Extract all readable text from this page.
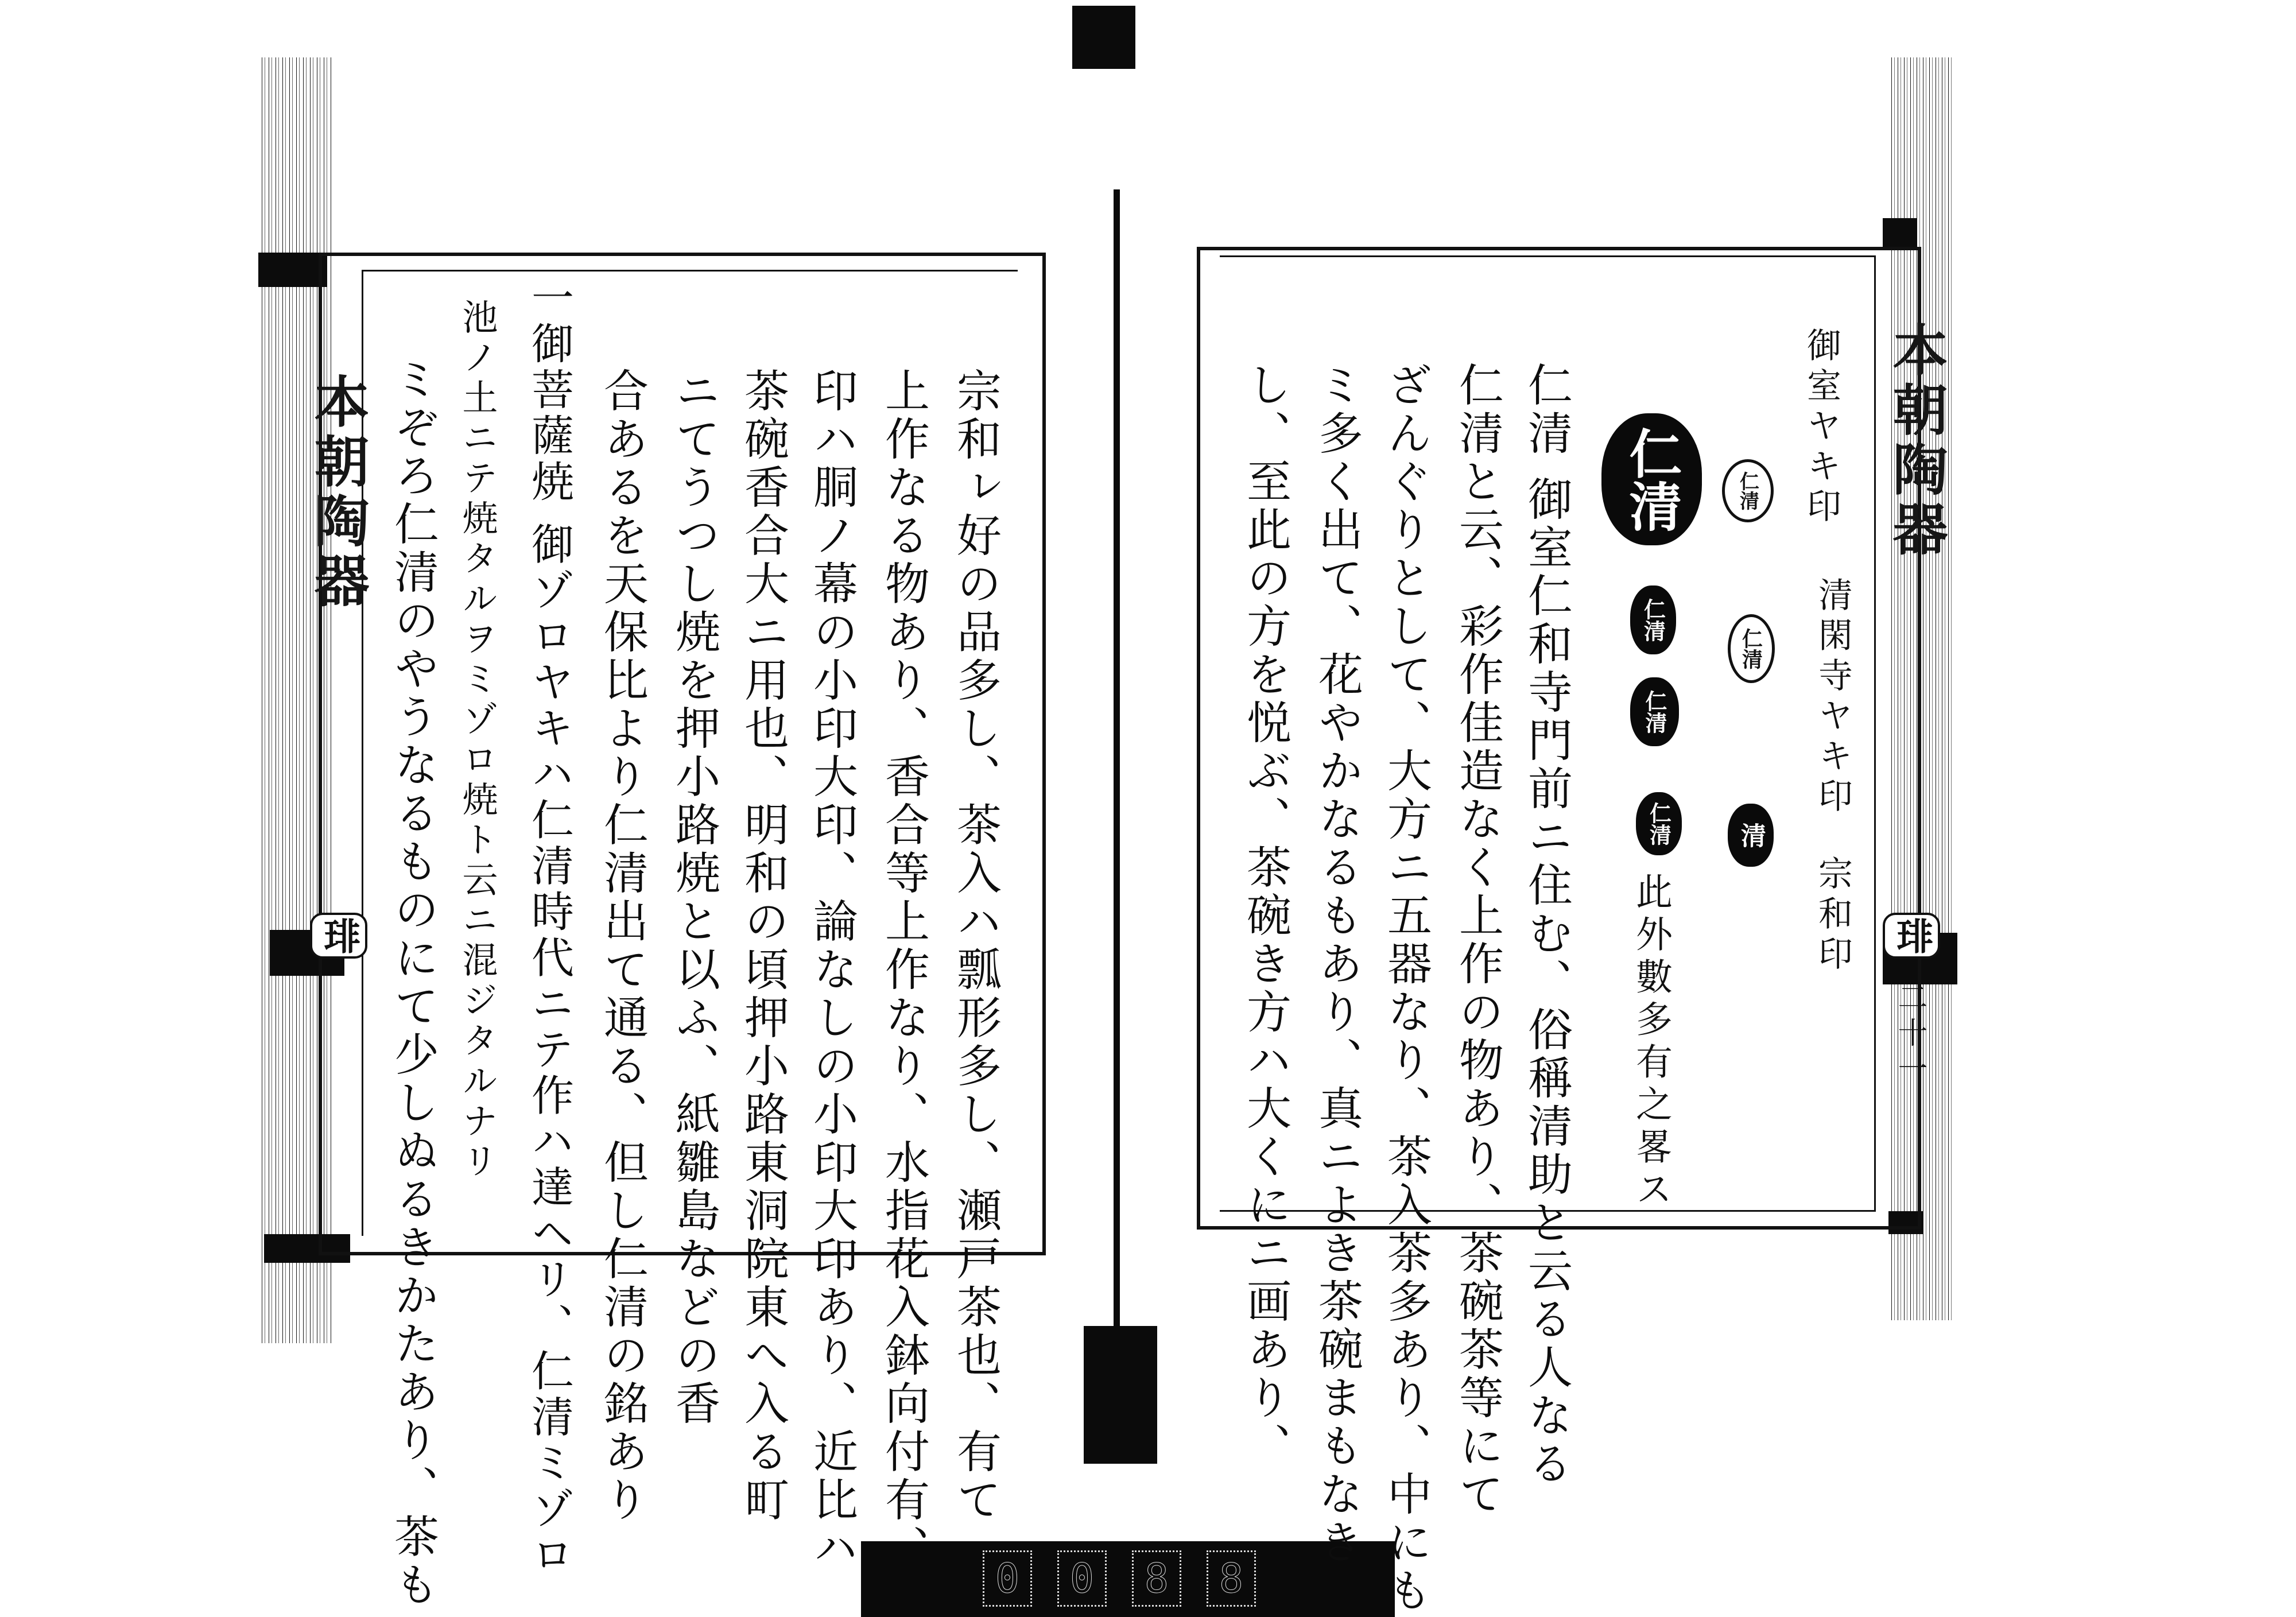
0	0	8	8
本朝陶器
琲	宗和ㇾ好の品多し、茶入ハ瓢形多し、瀬戸茶也、有て
上作なる物あり、香合等上作なり、水指花入鉢向付有、
印ハ胴ノ幕の小印大印、論なしの小印大印あり、近比ハ
茶碗香合大ニ用也、明和の頃押小路東洞院東へ入る町
ニてうつし焼を押小路焼と以ふ、紙雛島などの香
合あるを天保比より仁清出て通る、但し仁清の銘あり
一御菩薩焼 御ゾロヤキハ仁清時代ニテ作ハ達ヘリ、仁清ミゾロ
池ノ土ニテ焼タルヲミゾロ焼ト云ニ混ジタルナリ
ミぞろ仁清のやうなるものにて少しぬるきかたあり、茶も	本朝陶器
琲
二十一
御室ヤキ印
清閑寺ヤキ印
宗和印
仁清
仁清
清
仁清
仁清
仁清
仁清
此外數多有之畧ス
仁清 御室仁和寺門前ニ住む、俗稱清助と云る人なる
仁清と云、彩作佳造なく上作の物あり、茶碗茶等にて
ざんぐりとして、大方ニ五器なり、茶入茶多あり、中にも
ミ多く出て、花やかなるもあり、真ニよき茶碗まもなき
し、至此の方を悦ぶ、茶碗き方ハ大くにニ画あり、
